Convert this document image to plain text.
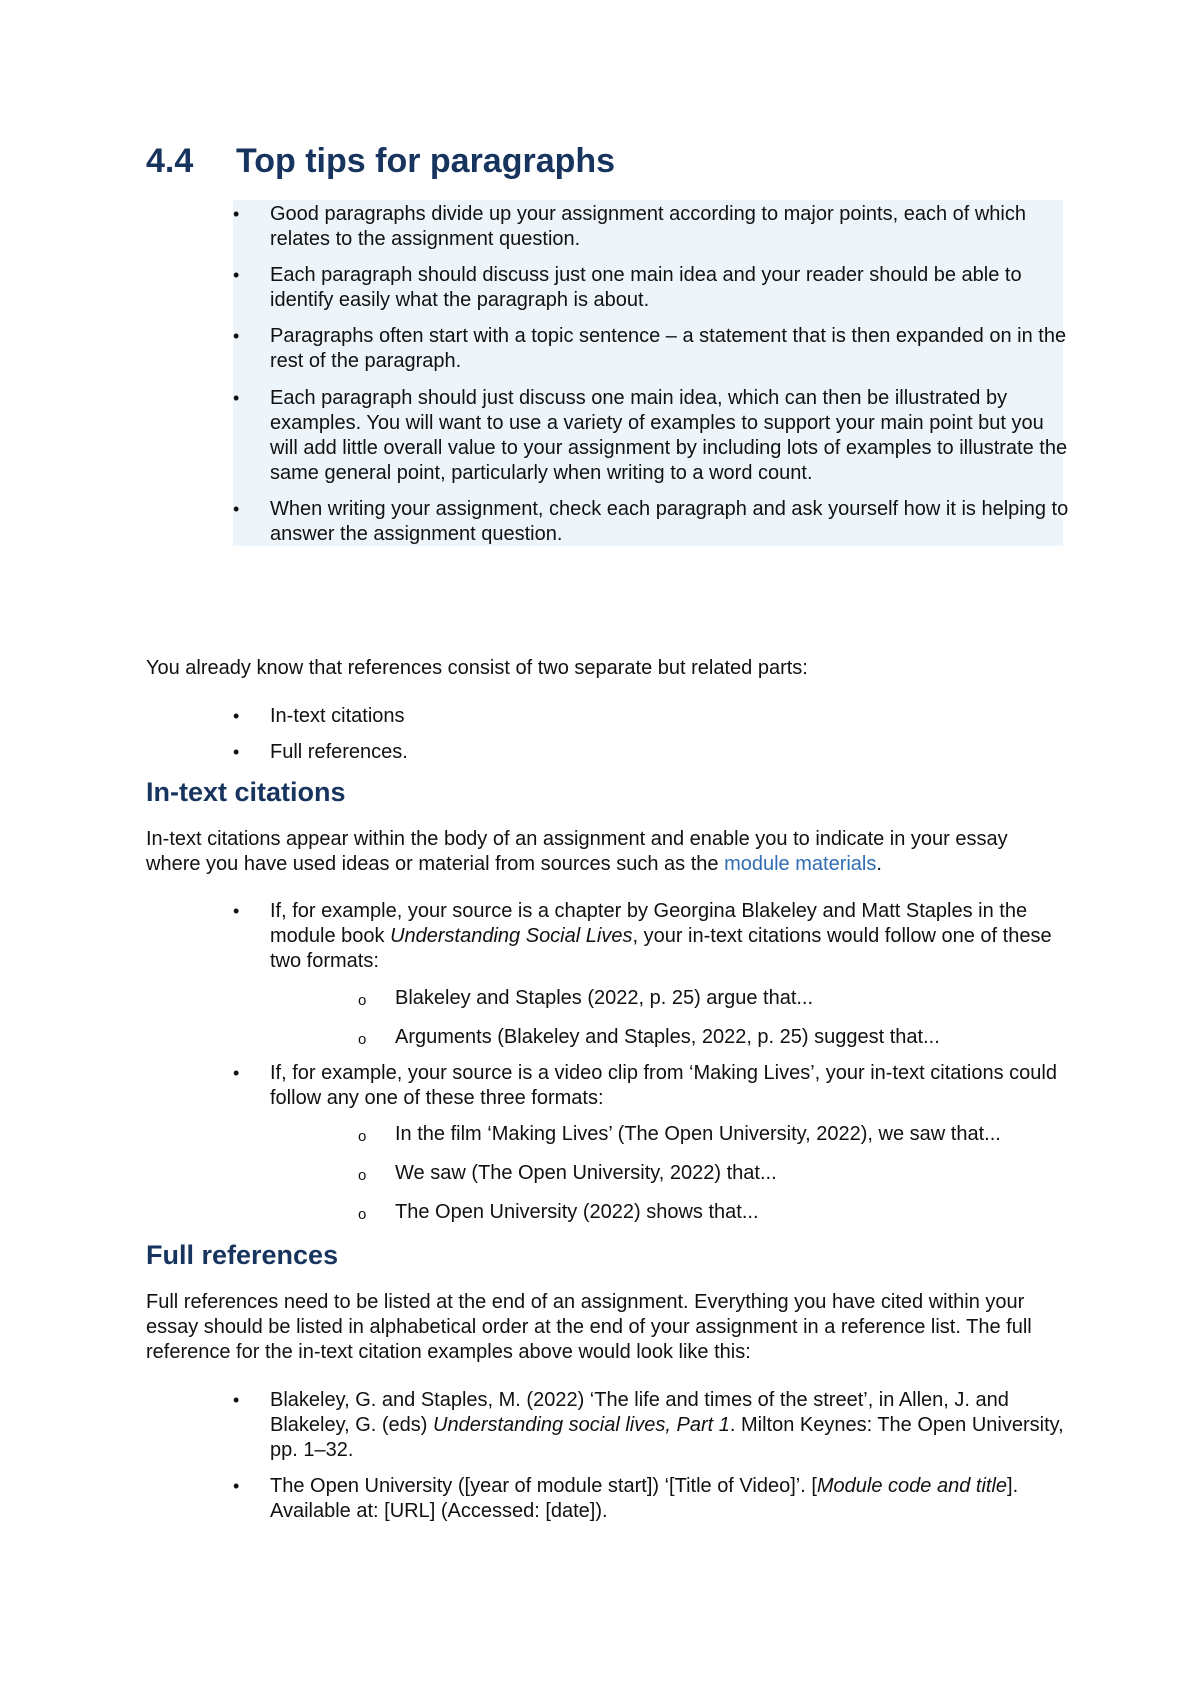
4.4 Top tips for paragraphs
• Good paragraphs divide up your assignment according to major points, each of which relates to the assignment question.
• Each paragraph should discuss just one main idea and your reader should be able to identify easily what the paragraph is about.
• Paragraphs often start with a topic sentence – a statement that is then expanded on in the rest of the paragraph.
• Each paragraph should just discuss one main idea, which can then be illustrated by examples. You will want to use a variety of examples to support your main point but you will add little overall value to your assignment by including lots of examples to illustrate the same general point, particularly when writing to a word count.
• When writing your assignment, check each paragraph and ask yourself how it is helping to answer the assignment question.

You already know that references consist of two separate but related parts:

• In-text citations
• Full references.
In-text citations

In-text citations appear within the body of an assignment and enable you to indicate in your essay where you have used ideas or material from sources such as the module materials.

• If, for example, your source is a chapter by Georgina Blakeley and Matt Staples in the module book Understanding Social Lives, your in-text citations would follow one of these two formats:
o Blakeley and Staples (2022, p. 25) argue that...
o Arguments (Blakeley and Staples, 2022, p. 25) suggest that...
• If, for example, your source is a video clip from ‘Making Lives’, your in-text citations could follow any one of these three formats:
o In the film ‘Making Lives’ (The Open University, 2022), we saw that...
o We saw (The Open University, 2022) that...
o The Open University (2022) shows that...
Full references

Full references need to be listed at the end of an assignment. Everything you have cited within your essay should be listed in alphabetical order at the end of your assignment in a reference list. The full reference for the in-text citation examples above would look like this:

• Blakeley, G. and Staples, M. (2022) ‘The life and times of the street’, in Allen, J. and Blakeley, G. (eds) Understanding social lives, Part 1. Milton Keynes: The Open University, pp. 1–32.
• The Open University ([year of module start]) ‘[Title of Video]’. [Module code and title]. Available at: [URL] (Accessed: [date]).
